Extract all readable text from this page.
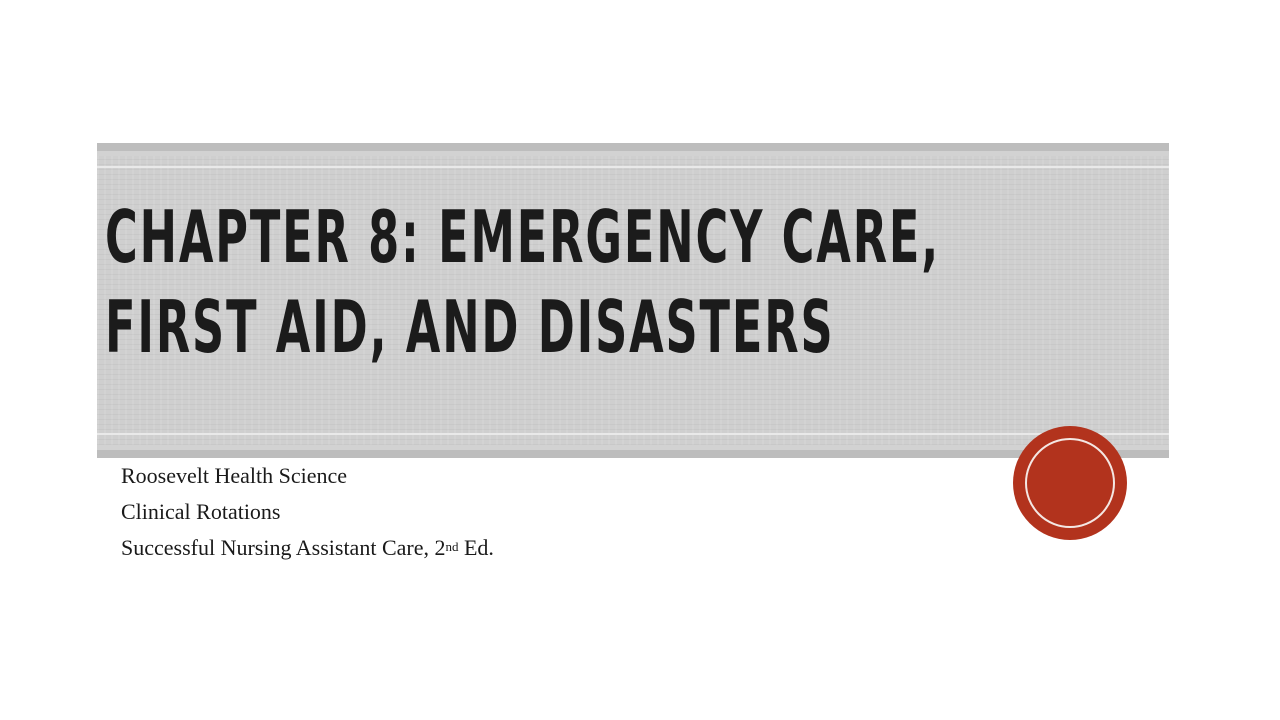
CHAPTER 8: EMERGENCY CARE,
FIRST AID, AND DISASTERS
Roosevelt Health Science
Clinical Rotations
Successful Nursing Assistant Care, 2nd Ed.
